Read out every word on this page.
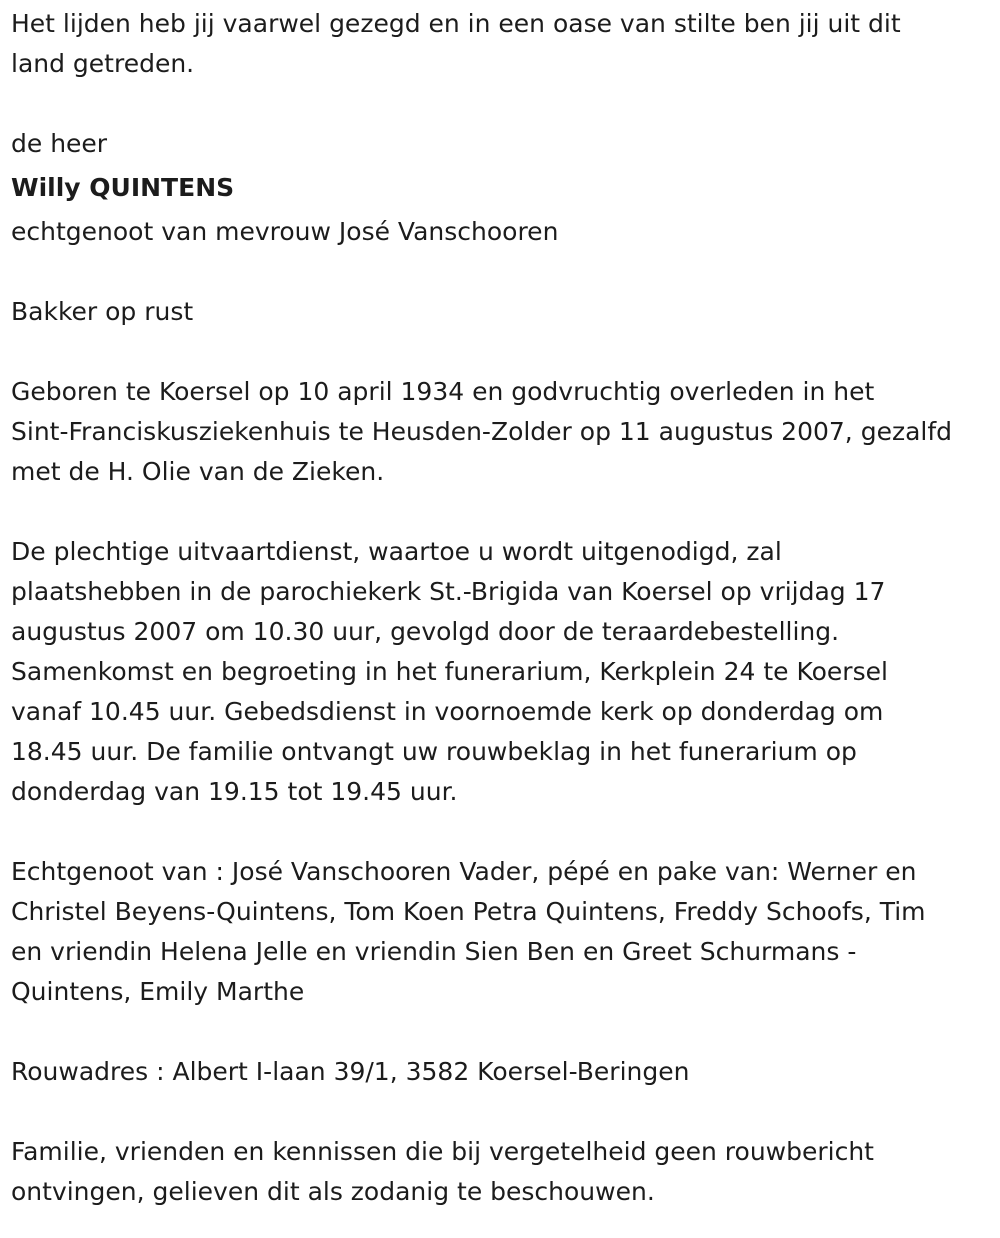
Het lijden heb jij vaarwel gezegd en in een oase van stilte ben jij uit dit
land getreden.

de heer

Willy QUINTENS

echtgenoot van mevrouw José Vanschooren

Bakker op rust

Geboren te Koersel op 10 april 1934 en godvruchtig overleden in het
Sint-Franciskusziekenhuis te Heusden-Zolder op 11 augustus 2007, gezalfd
met de H. Olie van de Zieken.

De plechtige uitvaartdienst, waartoe u wordt uitgenodigd, zal
plaatshebben in de parochiekerk St.-Brigida van Koersel op vrijdag 17
augustus 2007 om 10.30 uur, gevolgd door de teraardebestelling.
Samenkomst en begroeting in het funerarium, Kerkplein 24 te Koersel
vanaf 10.45 uur. Gebedsdienst in voornoemde kerk op donderdag om
18.45 uur. De familie ontvangt uw rouwbeklag in het funerarium op
donderdag van 19.15 tot 19.45 uur.

Echtgenoot van : José Vanschooren Vader, pépé en pake van: Werner en
Christel Beyens-Quintens, Tom Koen Petra Quintens, Freddy Schoofs, Tim
en vriendin Helena Jelle en vriendin Sien Ben en Greet Schurmans -
Quintens, Emily Marthe

Rouwadres : Albert I-laan 39/1, 3582 Koersel-Beringen

Familie, vrienden en kennissen die bij vergetelheid geen rouwbericht
ontvingen, gelieven dit als zodanig te beschouwen.
